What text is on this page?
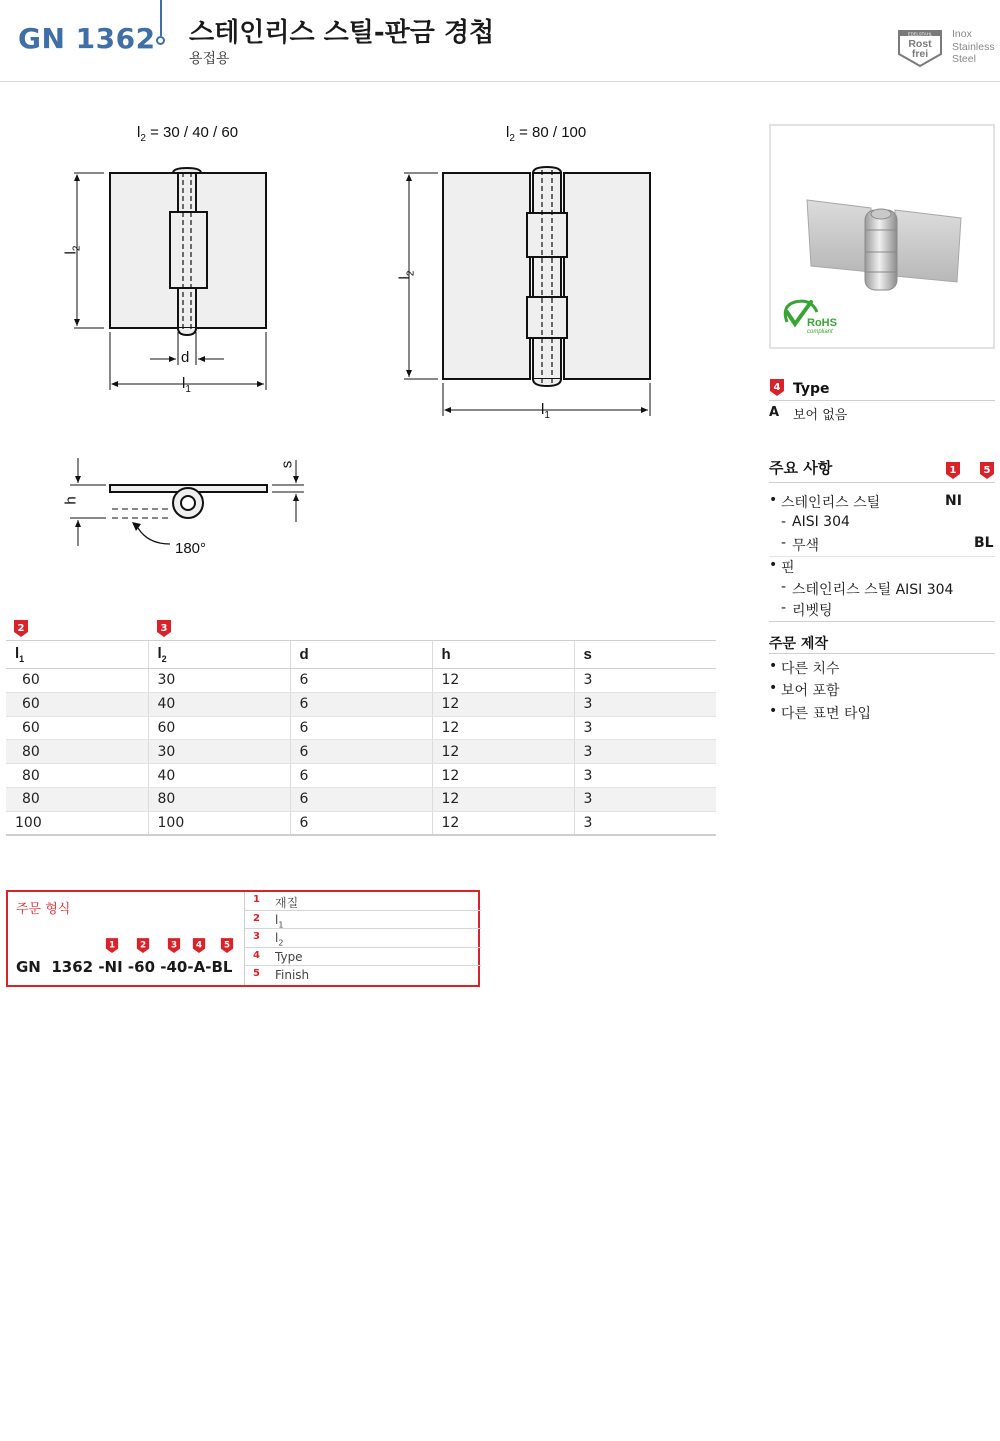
GN 1362 스테인리스 스틸-판금 경첩
용접용
EDELSTAHL
Rost
frei
Inox
Stainless
Steel
$l_2 = 30 / 40 / 60$	$l_2 = 80 / 100$
$l_2$
d
$l_1$
$l_2$
$l_1$
h
s
180°
RoHS
compliant
4 Type
A 보어 없음
주요 사항	1	5
• 스테인리스 스틸	NI
- AISI 304
- 무색	BL
• 핀
- 스테인리스 스틸 AISI 304
- 리벳팅
주문 제작
• 다른 치수
• 보어 포함
• 다른 표면 타입
2	3
$l_1$	$l_2$	d	h	s
60	30	6	12	3
60	40	6	12	3
60	60	6	12	3
80	30	6	12	3
80	40	6	12	3
80	80	6	12	3
100	100	6	12	3
주문 형식
1 2 3 4 5
GN 1362 -NI -60 -40-A-BL
1 재질
2 $l_1$
3 $l_2$
4 Type
5 Finish
